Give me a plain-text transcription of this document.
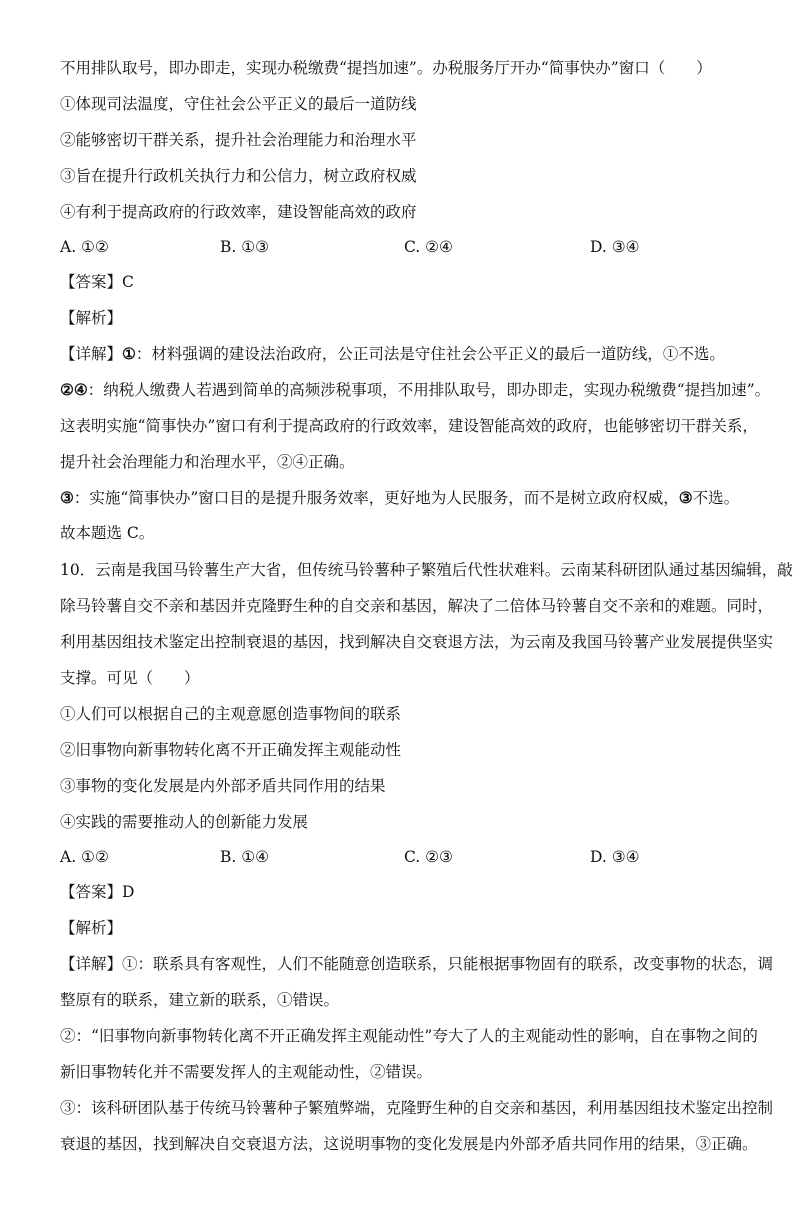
不用排队取号，即办即走，实现办税缴费“提挡加速”。办税服务厅开办“简事快办”窗口（　　）
①体现司法温度，守住社会公平正义的最后一道防线
②能够密切干群关系，提升社会治理能力和治理水平
③旨在提升行政机关执行力和公信力，树立政府权威
④有利于提高政府的行政效率，建设智能高效的政府
A. ①②	B. ①③	C. ②④	D. ③④
【答案】C
【解析】
【详解】①：材料强调的建设法治政府，公正司法是守住社会公平正义的最后一道防线，①不选。
②④：纳税人缴费人若遇到简单的高频涉税事项，不用排队取号，即办即走，实现办税缴费“提挡加速”。
这表明实施“简事快办”窗口有利于提高政府的行政效率，建设智能高效的政府，也能够密切干群关系，
提升社会治理能力和治理水平，②④正确。
③：实施“简事快办”窗口目的是提升服务效率，更好地为人民服务，而不是树立政府权威，③不选。
故本题选 C。
10．云南是我国马铃薯生产大省，但传统马铃薯种子繁殖后代性状难料。云南某科研团队通过基因编辑，敲
除马铃薯自交不亲和基因并克隆野生种的自交亲和基因，解决了二倍体马铃薯自交不亲和的难题。同时，
利用基因组技术鉴定出控制衰退的基因，找到解决自交衰退方法，为云南及我国马铃薯产业发展提供坚实
支撑。可见（　　）
①人们可以根据自己的主观意愿创造事物间的联系
②旧事物向新事物转化离不开正确发挥主观能动性
③事物的变化发展是内外部矛盾共同作用的结果
④实践的需要推动人的创新能力发展
A. ①②	B. ①④	C. ②③	D. ③④
【答案】D
【解析】
【详解】①：联系具有客观性，人们不能随意创造联系，只能根据事物固有的联系，改变事物的状态，调
整原有的联系，建立新的联系，①错误。
②：“旧事物向新事物转化离不开正确发挥主观能动性”夸大了人的主观能动性的影响，自在事物之间的
新旧事物转化并不需要发挥人的主观能动性，②错误。
③：该科研团队基于传统马铃薯种子繁殖弊端，克隆野生种的自交亲和基因，利用基因组技术鉴定出控制
衰退的基因，找到解决自交衰退方法，这说明事物的变化发展是内外部矛盾共同作用的结果，③正确。
